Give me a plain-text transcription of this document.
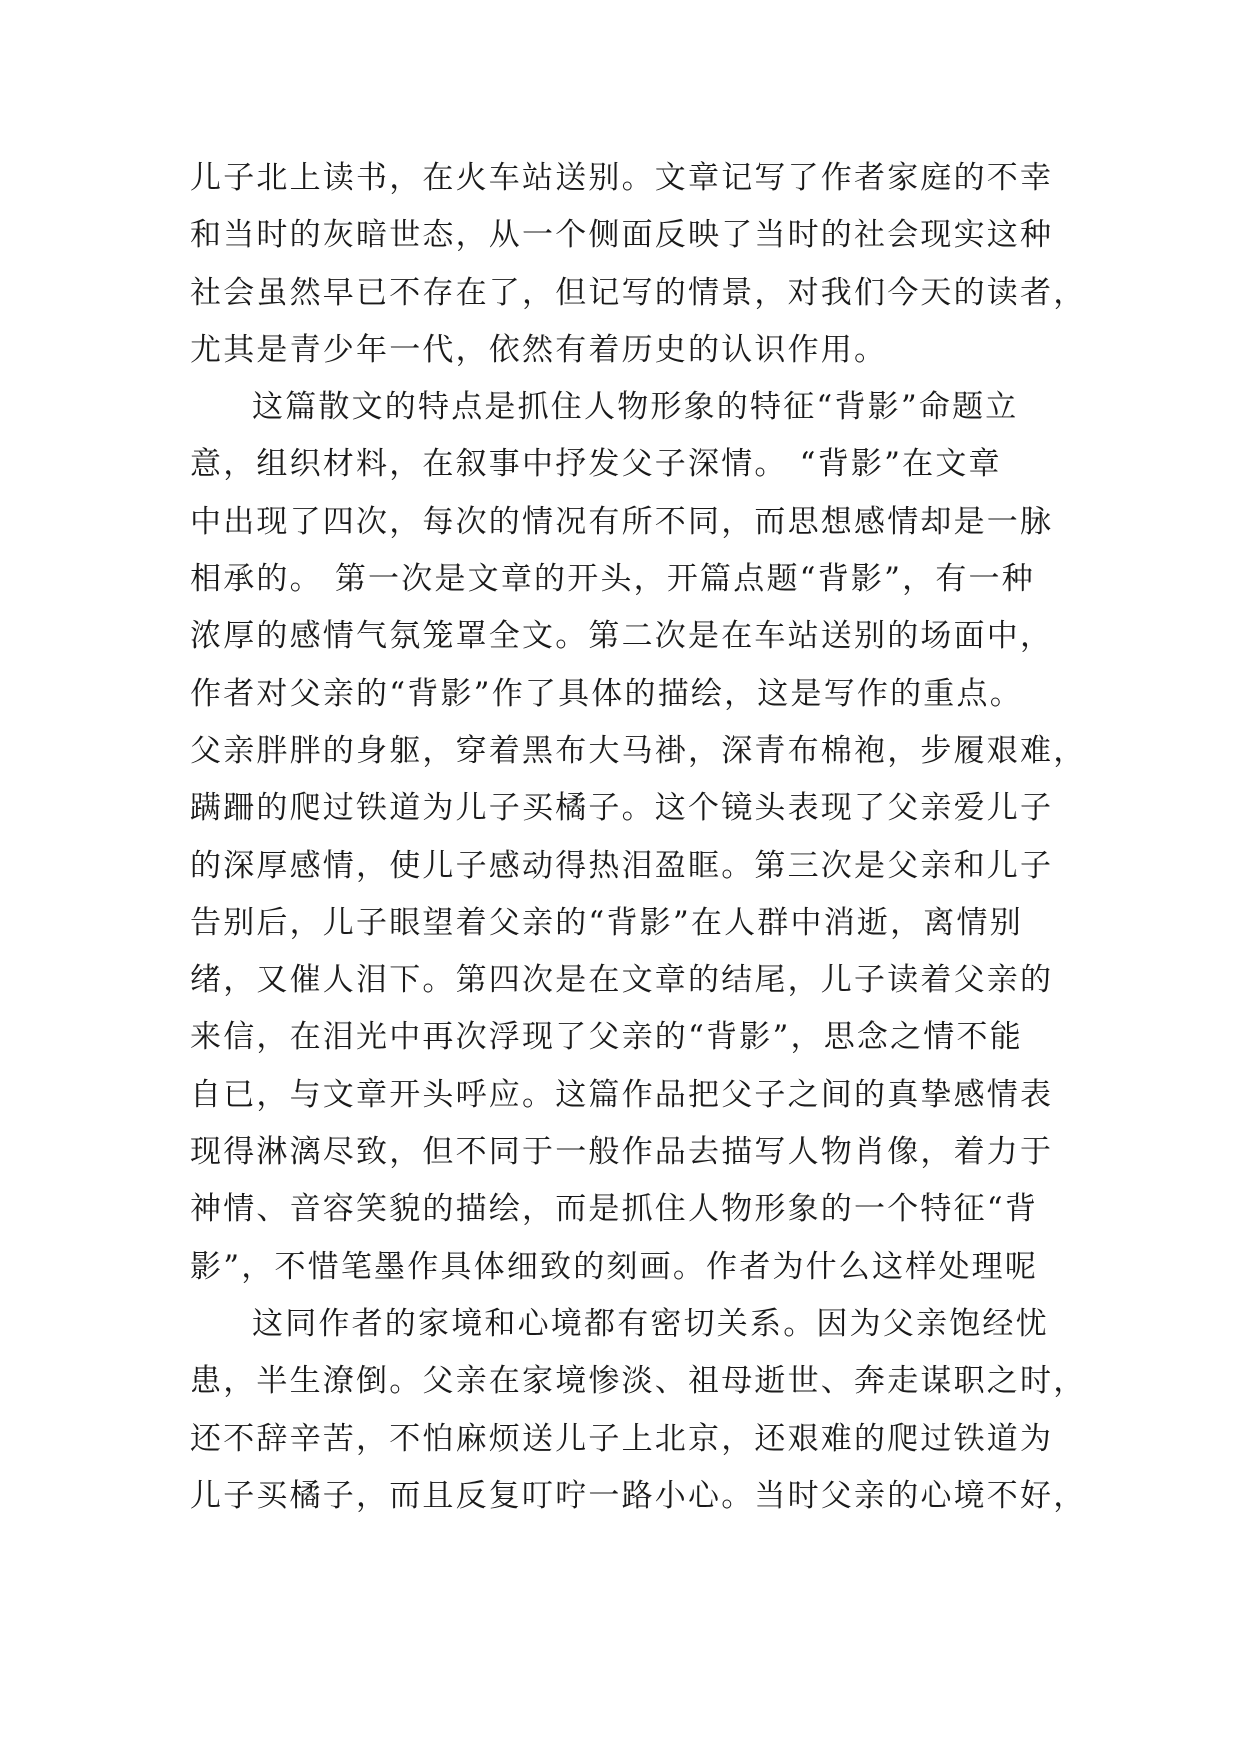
儿子北上读书，在火车站送别。文章记写了作者家庭的不幸
和当时的灰暗世态，从一个侧面反映了当时的社会现实这种
社会虽然早已不存在了，但记写的情景，对我们今天的读者，
尤其是青少年一代，依然有着历史的认识作用。
这篇散文的特点是抓住人物形象的特征“背影”命题立
意，组织材料，在叙事中抒发父子深情。 “背影”在文章
中出现了四次，每次的情况有所不同，而思想感情却是一脉
相承的。 第一次是文章的开头，开篇点题“背影”，有一种
浓厚的感情气氛笼罩全文。第二次是在车站送别的场面中，
作者对父亲的“背影”作了具体的描绘，这是写作的重点。
父亲胖胖的身躯，穿着黑布大马褂，深青布棉袍，步履艰难，
蹒跚的爬过铁道为儿子买橘子。这个镜头表现了父亲爱儿子
的深厚感情，使儿子感动得热泪盈眶。第三次是父亲和儿子
告别后，儿子眼望着父亲的“背影”在人群中消逝，离情别
绪，又催人泪下。第四次是在文章的结尾，儿子读着父亲的
来信，在泪光中再次浮现了父亲的“背影”，思念之情不能
自已，与文章开头呼应。这篇作品把父子之间的真挚感情表
现得淋漓尽致，但不同于一般作品去描写人物肖像，着力于
神情、音容笑貌的描绘，而是抓住人物形象的一个特征“背
影”，不惜笔墨作具体细致的刻画。作者为什么这样处理呢
这同作者的家境和心境都有密切关系。因为父亲饱经忧
患，半生潦倒。父亲在家境惨淡、祖母逝世、奔走谋职之时，
还不辞辛苦，不怕麻烦送儿子上北京，还艰难的爬过铁道为
儿子买橘子，而且反复叮咛一路小心。当时父亲的心境不好，
